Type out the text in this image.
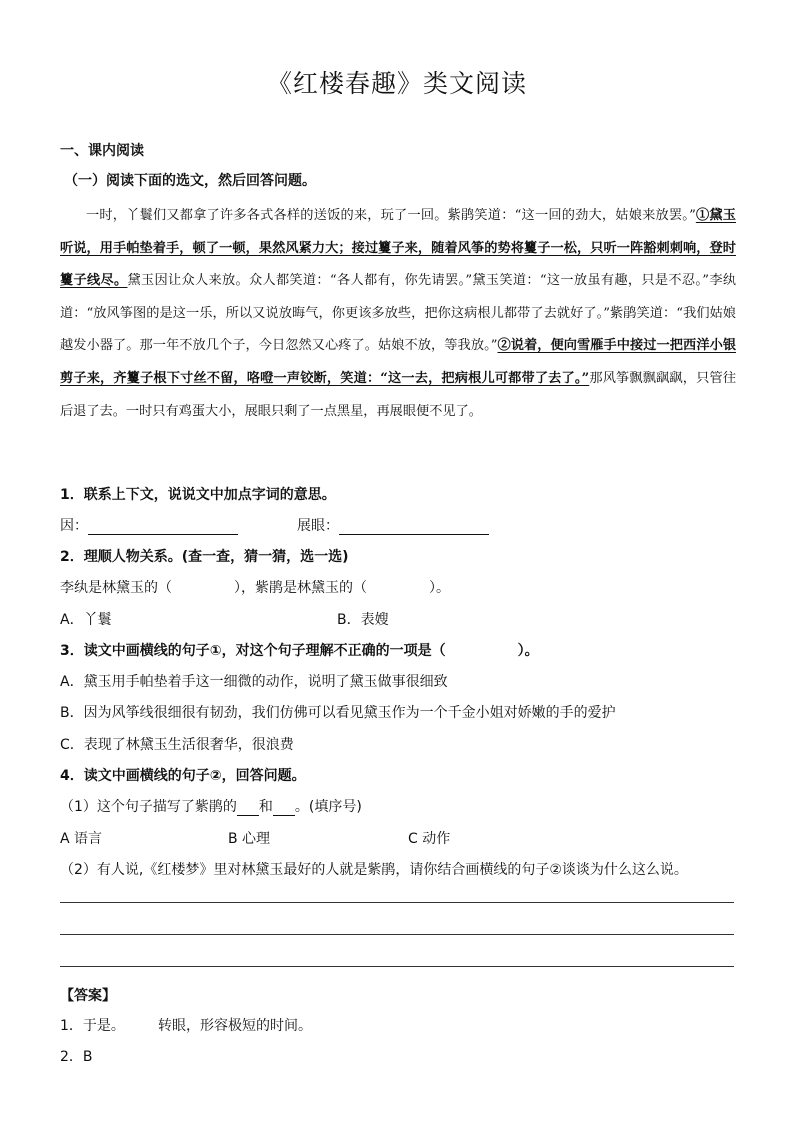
《红楼春趣》类文阅读
一、课内阅读
（一）阅读下面的选文，然后回答问题。

一时，丫鬟们又都拿了许多各式各样的送饭的来，玩了一回。紫鹃笑道：“这一回的劲大，姑娘来放罢。”①黛玉听说，用手帕垫着手，顿了一顿，果然风紧力大；接过籰子来，随着风筝的势将籰子一松，只听一阵豁刺刺响，登时籰子线尽。黛玉因让众人来放。众人都笑道：“各人都有，你先请罢。”黛玉笑道：“这一放虽有趣，只是不忍。”李纨道：“放风筝图的是这一乐，所以又说放晦气，你更该多放些，把你这病根儿都带了去就好了。”紫鹃笑道：“我们姑娘越发小器了。那一年不放几个子，今日忽然又心疼了。姑娘不放，等我放。”②说着，便向雪雁手中接过一把西洋小银剪子来，齐籰子根下寸丝不留，咯噔一声铰断，笑道：“这一去，把病根儿可都带了去了。”那风筝飘飘飖飖，只管往后退了去。一时只有鸡蛋大小，展眼只剩了一点黑星，再展眼便不见了。

1．联系上下文，说说文中加点字词的意思。
因：	展眼：
2．理顺人物关系。(查一查，猜一猜，选一选)
李纨是林黛玉的（	），紫鹃是林黛玉的（	）。
A．丫鬟	B．表嫂
3．读文中画横线的句子①，对这个句子理解不正确的一项是（	）。
A．黛玉用手帕垫着手这一细微的动作，说明了黛玉做事很细致
B．因为风筝线很细很有韧劲，我们仿佛可以看见黛玉作为一个千金小姐对娇嫩的手的爱护
C．表现了林黛玉生活很奢华，很浪费
4．读文中画横线的句子②，回答问题。
（1）这个句子描写了紫鹃的 和 。(填序号)
A 语言	B 心理	C 动作
（2）有人说,《红楼梦》里对林黛玉最好的人就是紫鹃，请你结合画横线的句子②谈谈为什么这么说。
【答案】
1．于是。 转眼，形容极短的时间。
2．B
